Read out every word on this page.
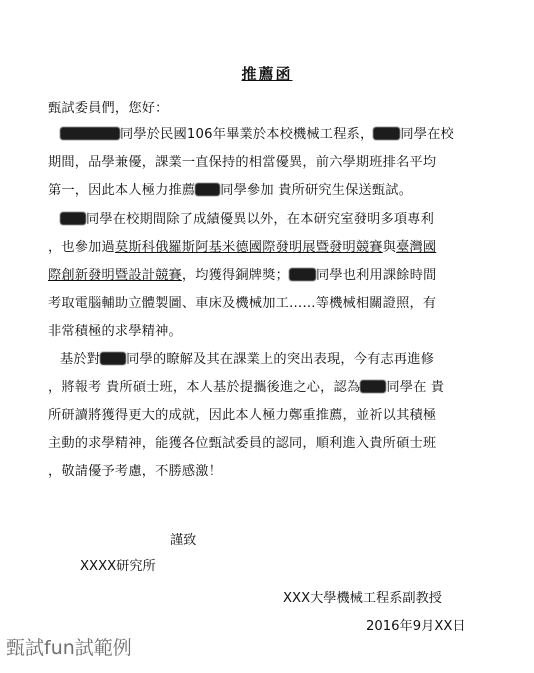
推薦函
甄試委員們，您好：
同學於民國106年畢業於本校機械工程系， 同學在校
期間，品學兼優，課業一直保持的相當優異，前六學期班排名平均
第一，因此本人極力推薦 同學參加 貴所研究生保送甄試。
同學在校期間除了成績優異以外，在本研究室發明多項專利
，也參加過莫斯科俄羅斯阿基米德國際發明展暨發明競賽與臺灣國
際創新發明暨設計競賽，均獲得銅牌獎； 同學也利用課餘時間
考取電腦輔助立體製圖、車床及機械加工……等機械相關證照，有
非常積極的求學精神。
基於對 同學的瞭解及其在課業上的突出表現，今有志再進修
，將報考 貴所碩士班，本人基於提攜後進之心，認為 同學在 貴
所研讀將獲得更大的成就，因此本人極力鄭重推薦，並祈以其積極
主動的求學精神，能獲各位甄試委員的認同，順利進入貴所碩士班
，敬請優予考慮，不勝感激！
謹致
XXXX研究所
XXX大學機械工程系副教授
2016年9月XX日
甄試fun試範例
